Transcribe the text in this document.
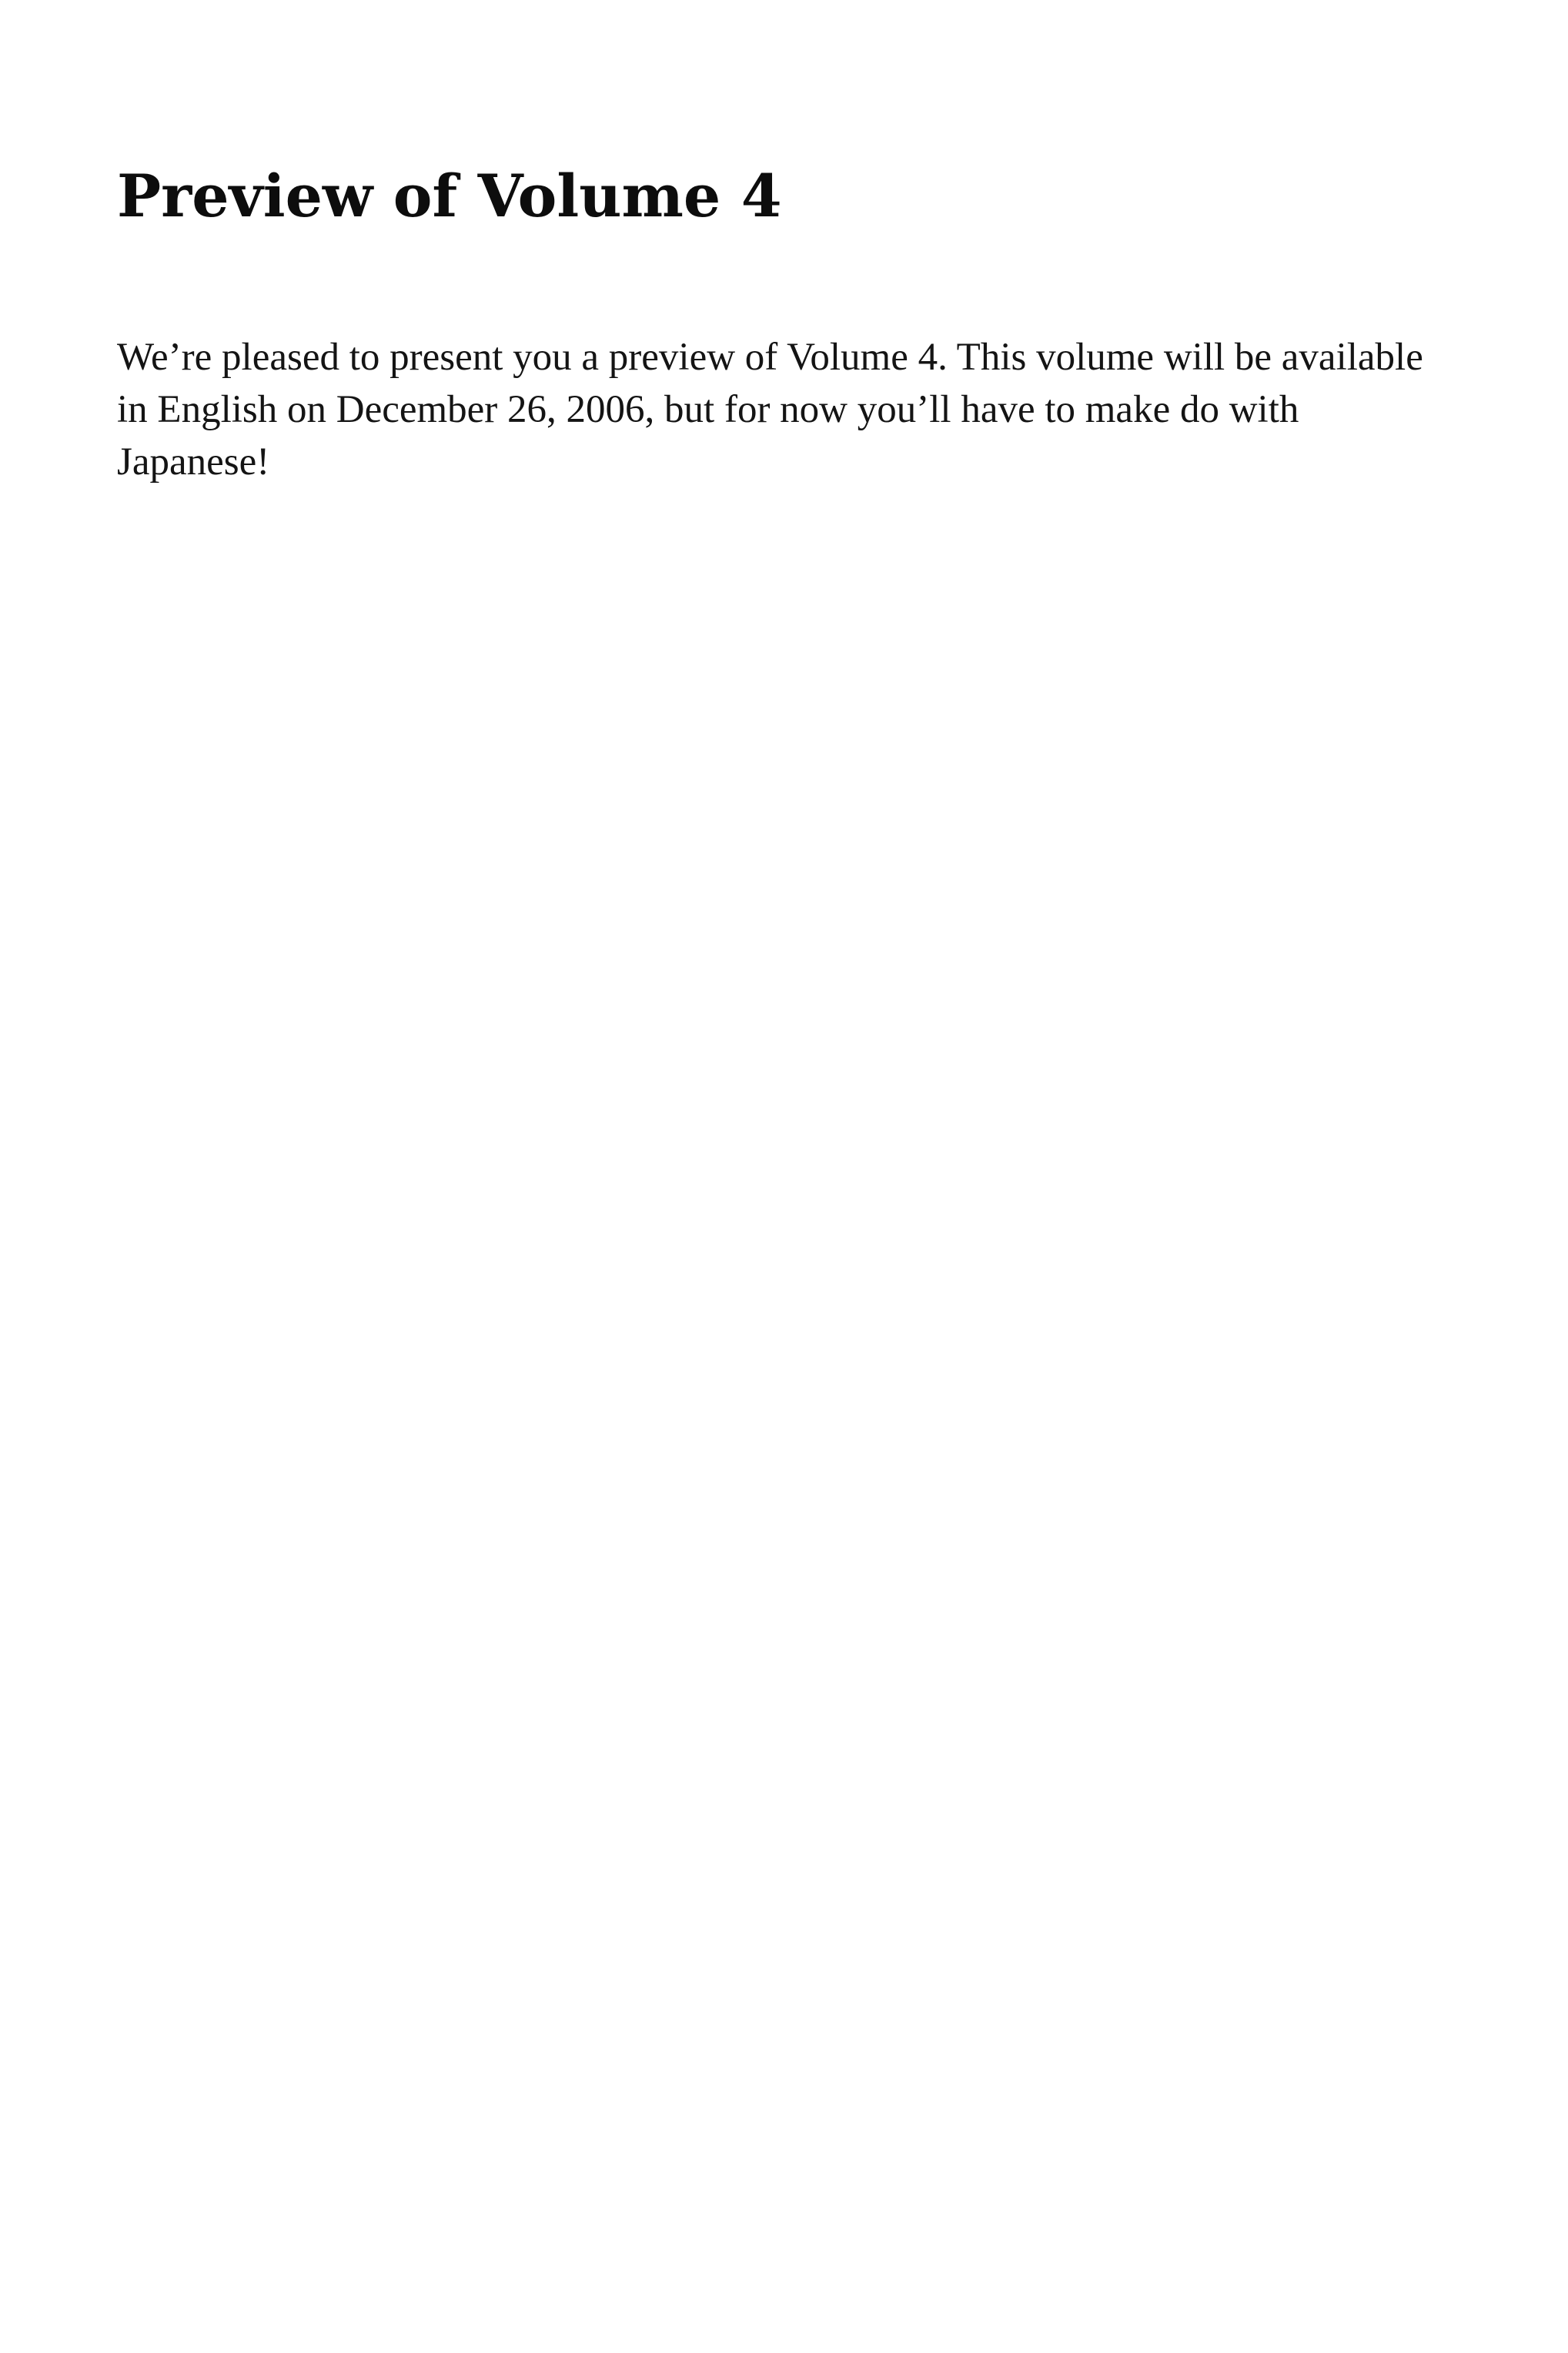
Preview of Volume 4

We’re pleased to present you a preview of Volume 4. This volume will be available in English on December 26, 2006, but for now you’ll have to make do with Japanese!
